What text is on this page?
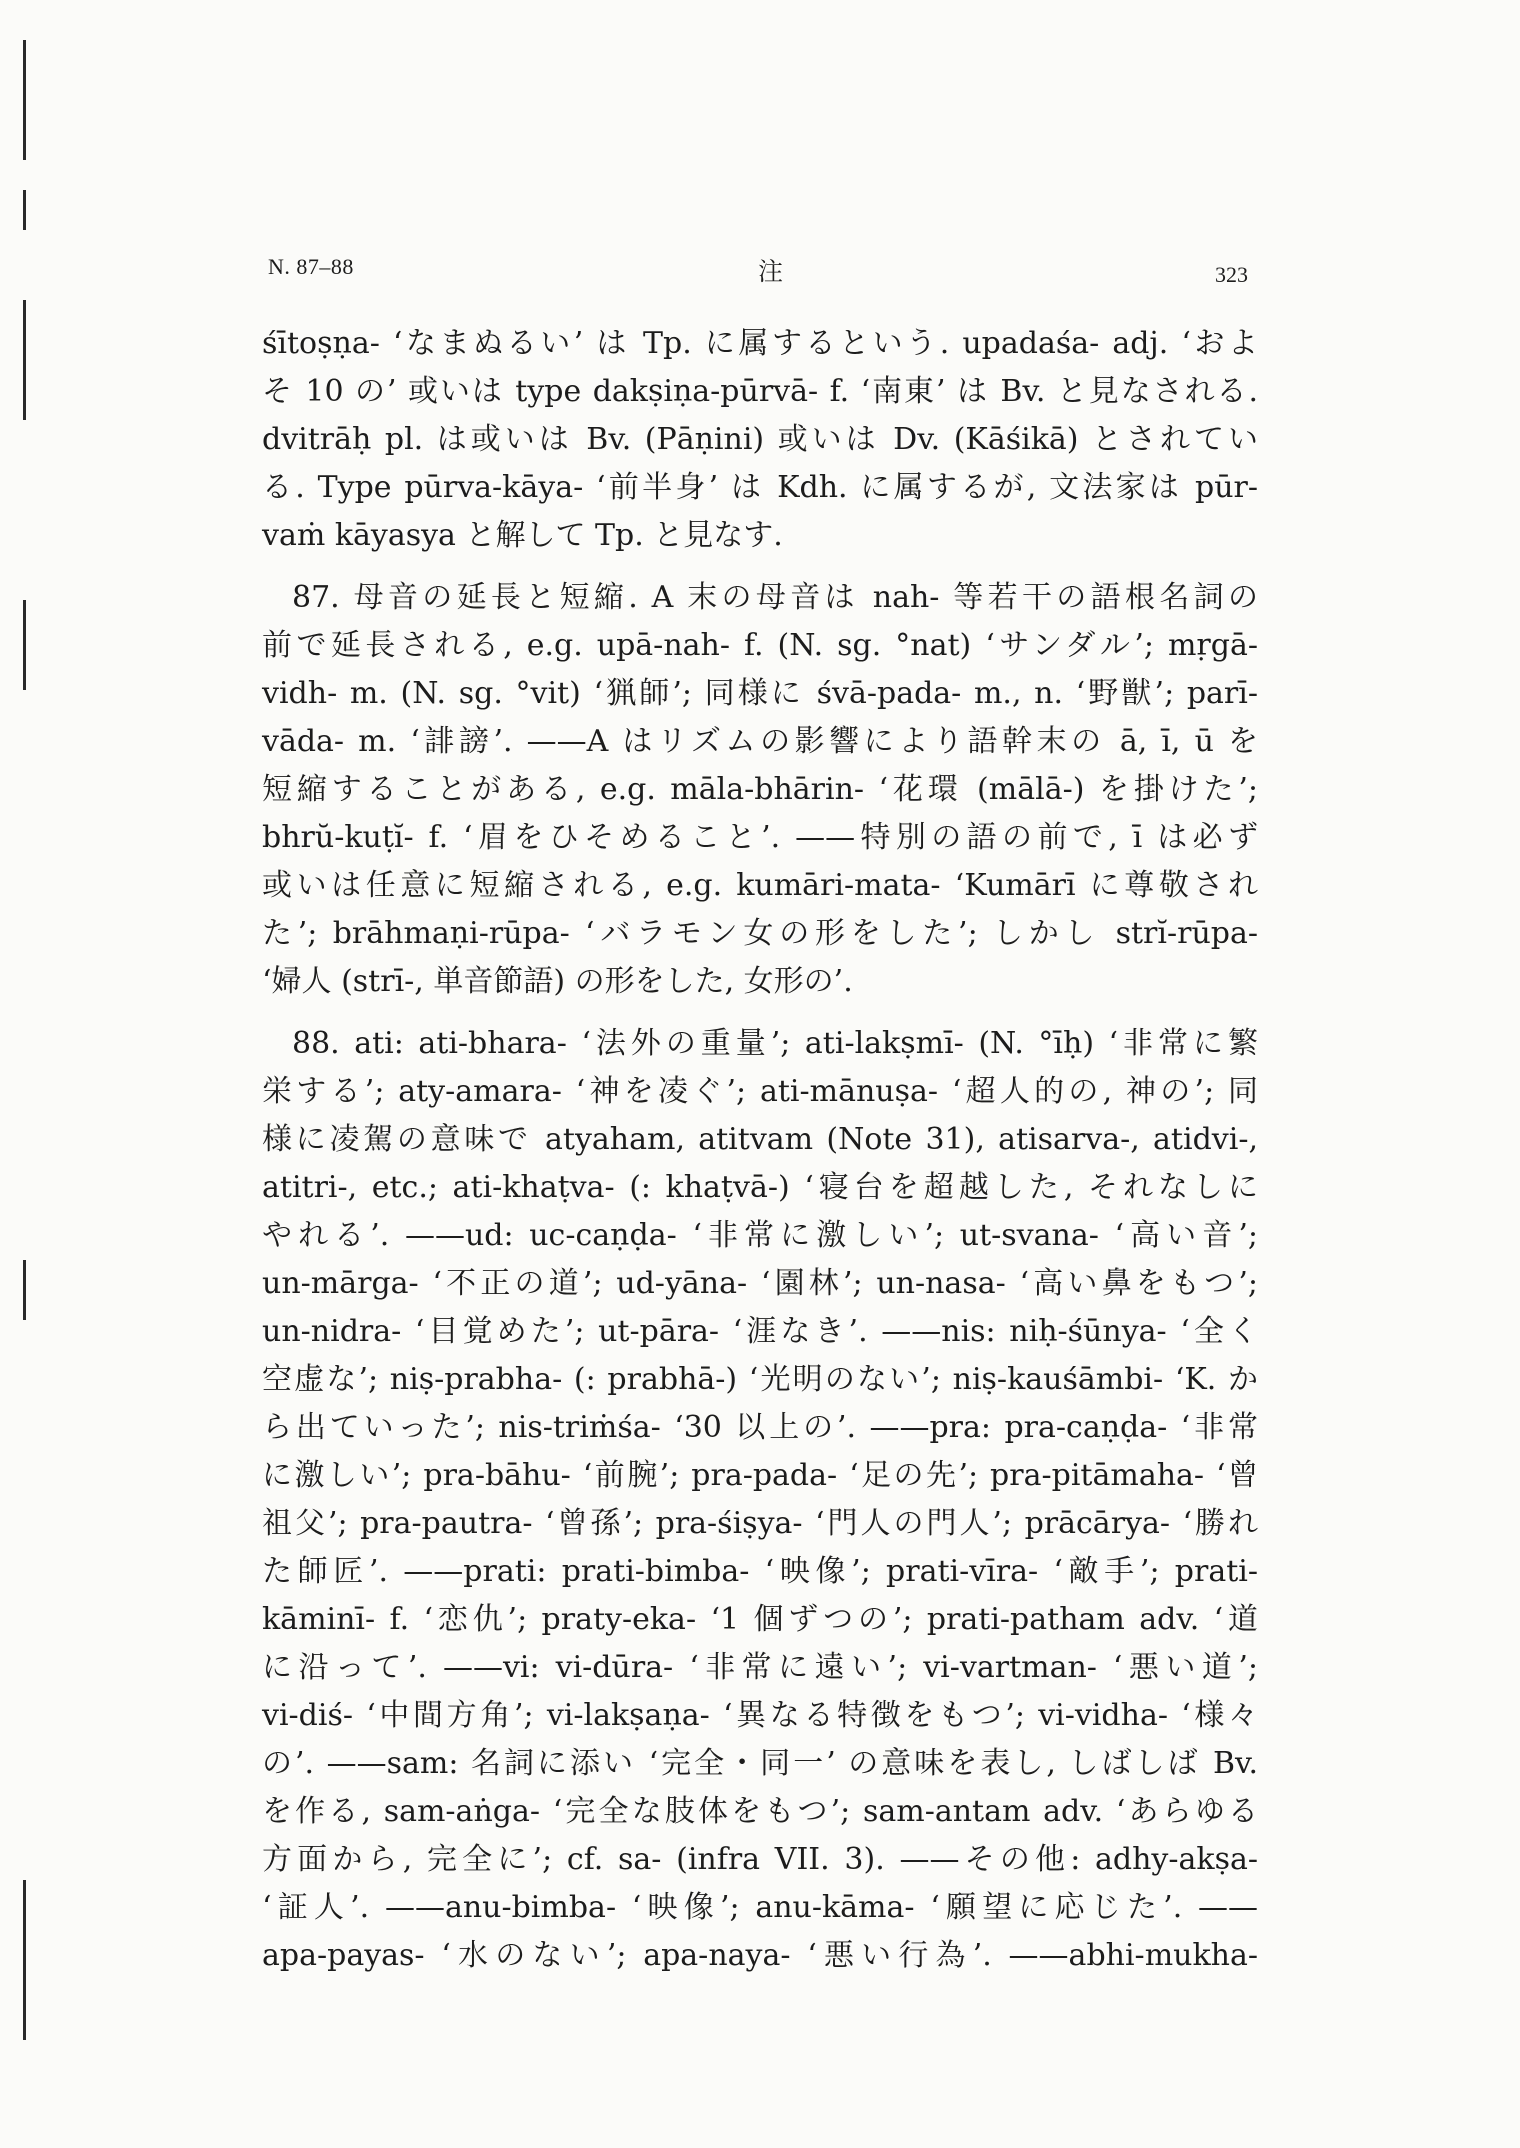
N. 87–88	注	323
śītoṣṇa- ‘なまぬるい’ は Tp. に属するという. upadaśa- adj. ‘およ
そ 10 の’ 或いは type dakṣiṇa-pūrvā- f. ‘南東’ は Bv. と見なされる.
dvitrāḥ pl. は或いは Bv. (Pāṇini) 或いは Dv. (Kāśikā) とされてい
る. Type pūrva-kāya- ‘前半身’ は Kdh. に属するが, 文法家は pūr-
vaṁ kāyasya と解して Tp. と見なす.
87. 母音の延長と短縮. A 末の母音は nah- 等若干の語根名詞の
前で延長される, e.g. upā-nah- f. (N. sg. °nat) ‘サンダル’; mṛgā-
vidh- m. (N. sg. °vit) ‘猟師’; 同様に śvā-pada- m., n. ‘野獣’; parī-
vāda- m. ‘誹謗’. ——A はリズムの影響により語幹末の ā, ī, ū を
短縮することがある, e.g. māla-bhārin- ‘花環 (mālā-) を掛けた’;
bhrŭ-kuṭĭ- f. ‘眉をひそめること’. ——特別の語の前で, ī は必ず
或いは任意に短縮される, e.g. kumāri-mata- ‘Kumārī に尊敬され
た’; brāhmaṇi-rūpa- ‘バラモン女の形をした’; しかし strĭ-rūpa-
‘婦人 (strī-, 単音節語) の形をした, 女形の’.
88. ati: ati-bhara- ‘法外の重量’; ati-lakṣmī- (N. °īḥ) ‘非常に繁
栄する’; aty-amara- ‘神を凌ぐ’; ati-mānuṣa- ‘超人的の, 神の’; 同
様に凌駕の意味で atyaham, atitvam (Note 31), atisarva-, atidvi-,
atitri-, etc.; ati-khaṭva- (: khaṭvā-) ‘寝台を超越した, それなしに
やれる’. ——ud: uc-caṇḍa- ‘非常に激しい’; ut-svana- ‘高い音’;
un-mārga- ‘不正の道’; ud-yāna- ‘園林’; un-nasa- ‘高い鼻をもつ’;
un-nidra- ‘目覚めた’; ut-pāra- ‘涯なき’. ——nis: niḥ-śūnya- ‘全く
空虚な’; niṣ-prabha- (: prabhā-) ‘光明のない’; niṣ-kauśāmbi- ‘K. か
ら出ていった’; nis-triṁśa- ‘30 以上の’. ——pra: pra-caṇḍa- ‘非常
に激しい’; pra-bāhu- ‘前腕’; pra-pada- ‘足の先’; pra-pitāmaha- ‘曾
祖父’; pra-pautra- ‘曾孫’; pra-śiṣya- ‘門人の門人’; prācārya- ‘勝れ
た師匠’. ——prati: prati-bimba- ‘映像’; prati-vīra- ‘敵手’; prati-
kāminī- f. ‘恋仇’; praty-eka- ‘1 個ずつの’; prati-patham adv. ‘道
に沿って’. ——vi: vi-dūra- ‘非常に遠い’; vi-vartman- ‘悪い道’;
vi-diś- ‘中間方角’; vi-lakṣaṇa- ‘異なる特徴をもつ’; vi-vidha- ‘様々
の’. ——sam: 名詞に添い ‘完全・同一’ の意味を表し, しばしば Bv.
を作る, sam-aṅga- ‘完全な肢体をもつ’; sam-antam adv. ‘あらゆる
方面から, 完全に’; cf. sa- (infra VII. 3). ——その他: adhy-akṣa-
‘証人’. ——anu-bimba- ‘映像’; anu-kāma- ‘願望に応じた’. ——
apa-payas- ‘水のない’; apa-naya- ‘悪い行為’. ——abhi-mukha-
